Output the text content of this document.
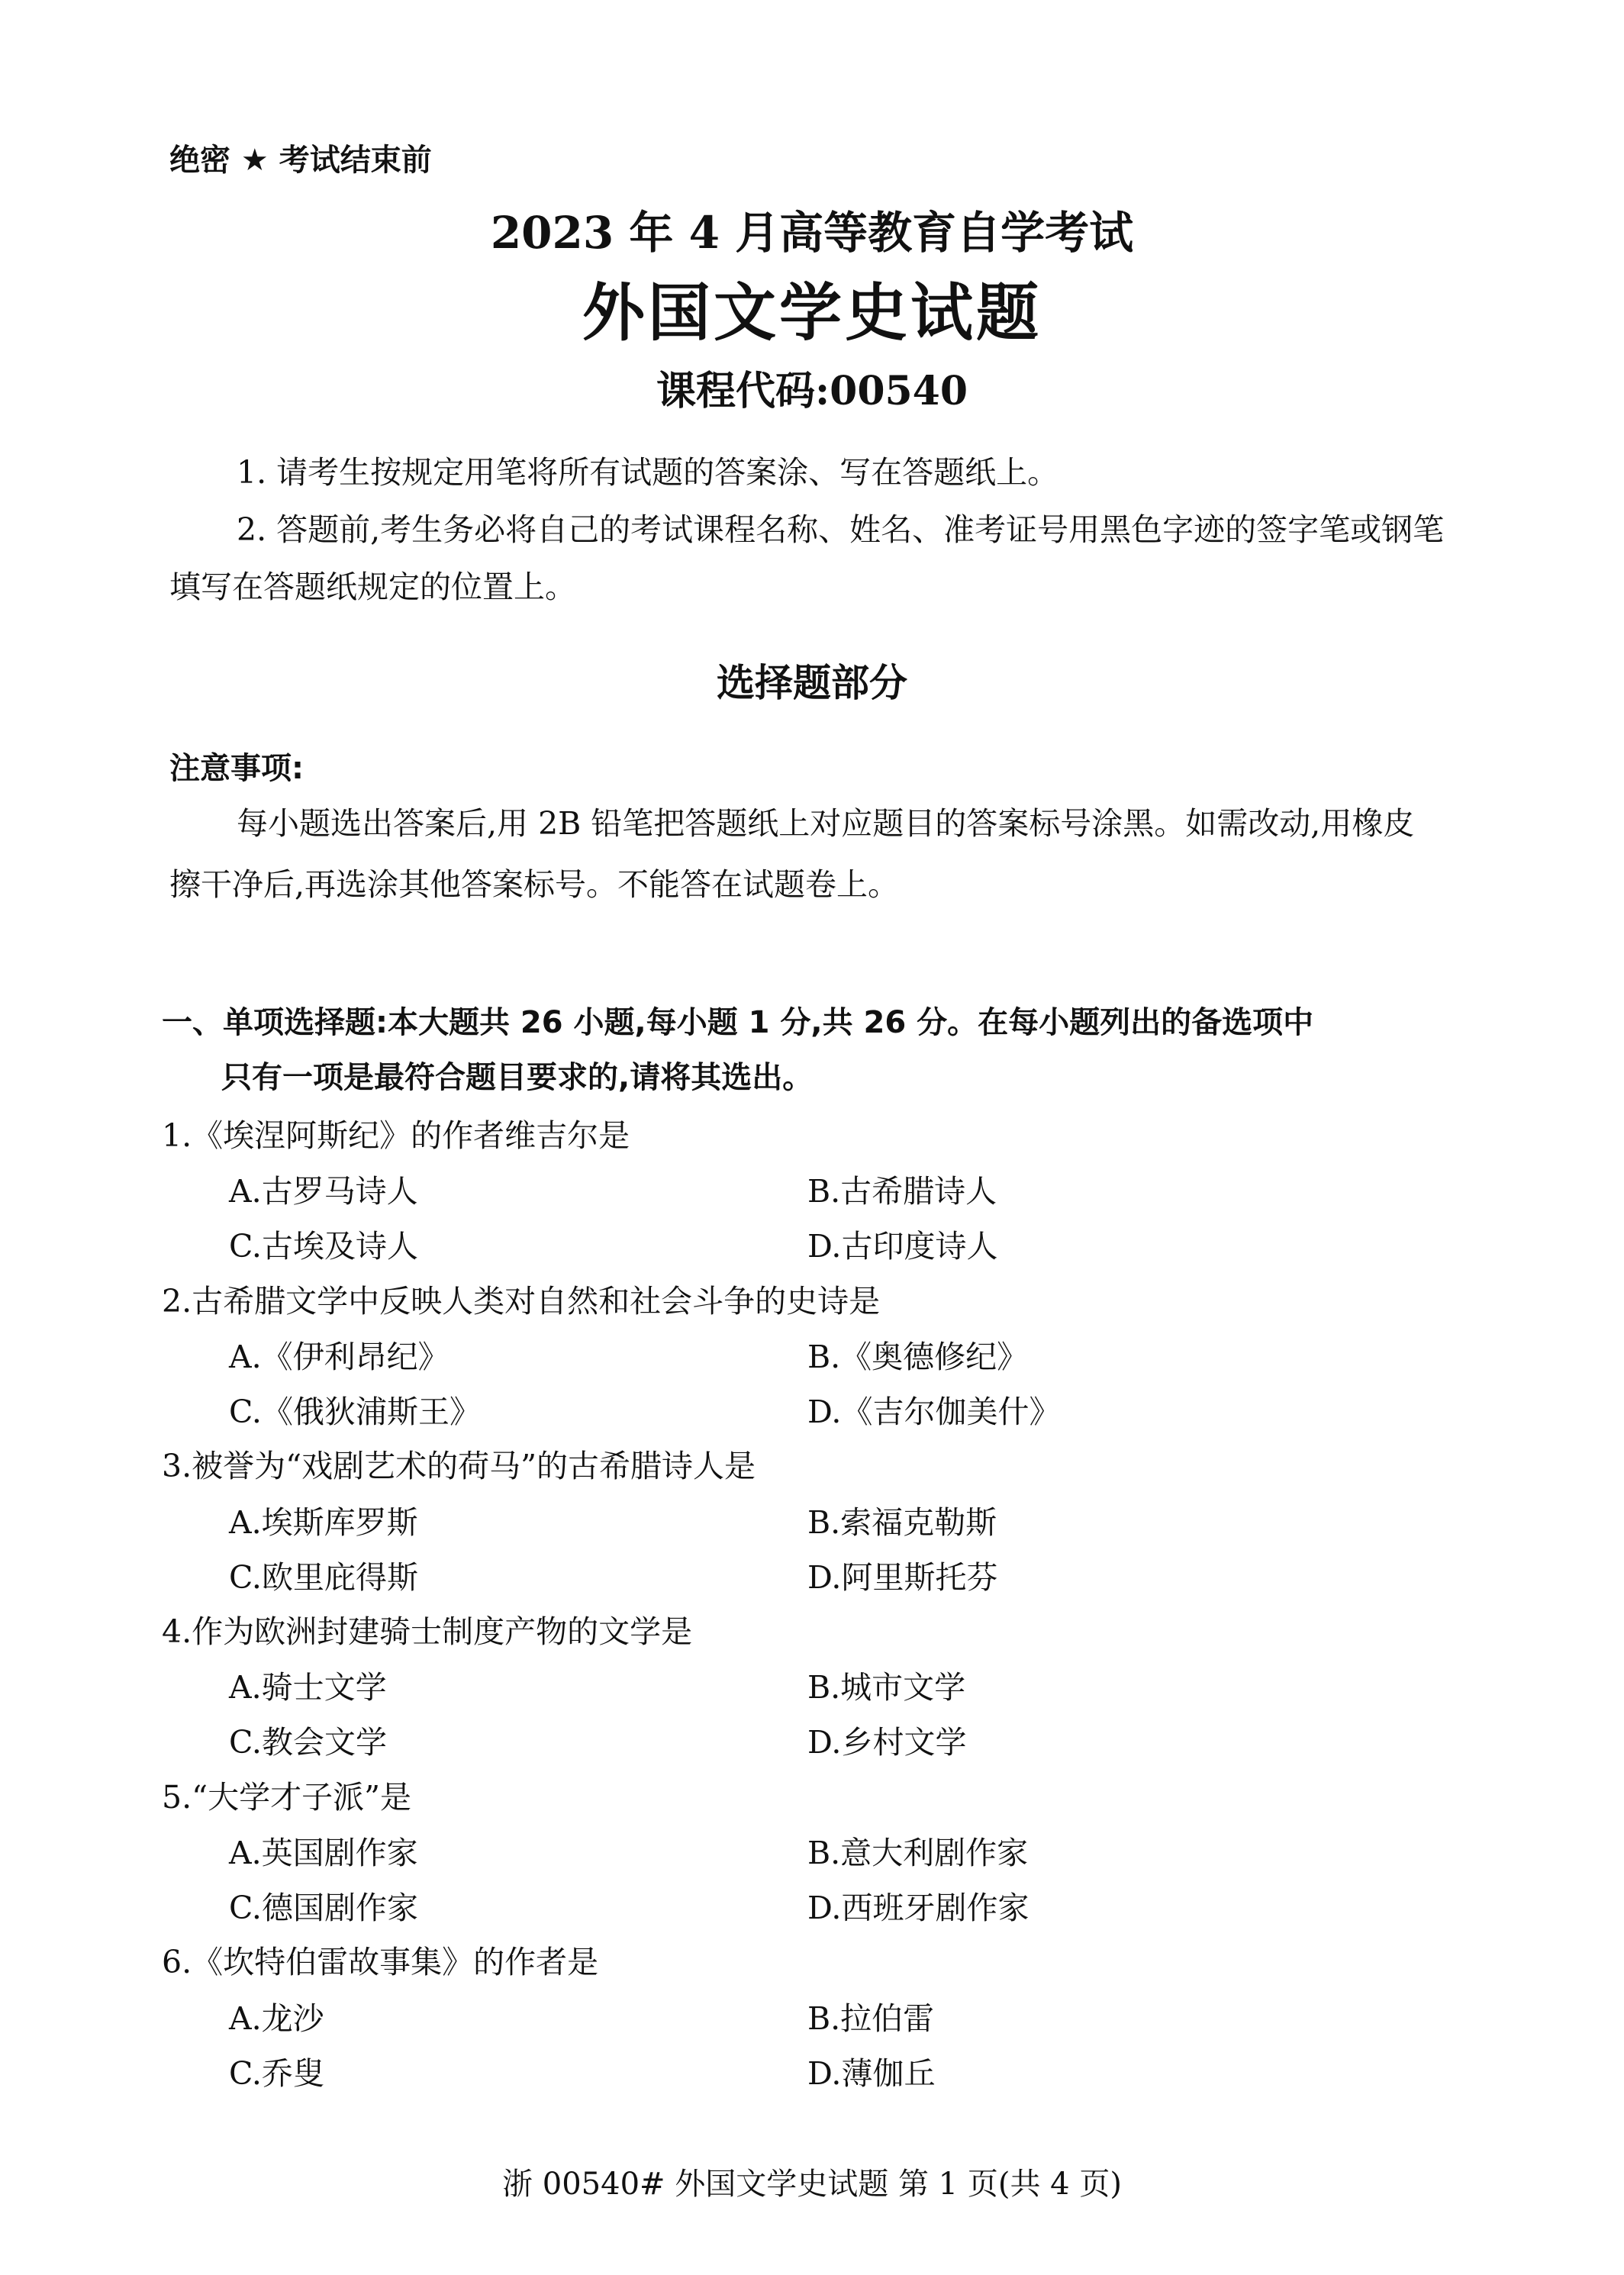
绝密 ★ 考试结束前
2023 年 4 月高等教育自学考试
外国文学史试题
课程代码:00540
1. 请考生按规定用笔将所有试题的答案涂、写在答题纸上。
2. 答题前,考生务必将自己的考试课程名称、姓名、准考证号用黑色字迹的签字笔或钢笔
填写在答题纸规定的位置上。
选择题部分
注意事项:
每小题选出答案后,用 2B 铅笔把答题纸上对应题目的答案标号涂黑。如需改动,用橡皮
擦干净后,再选涂其他答案标号。不能答在试题卷上。
一、单项选择题:本大题共 26 小题,每小题 1 分,共 26 分。在每小题列出的备选项中
只有一项是最符合题目要求的,请将其选出。
1.《埃涅阿斯纪》的作者维吉尔是
A.古罗马诗人	B.古希腊诗人
C.古埃及诗人	D.古印度诗人
2.古希腊文学中反映人类对自然和社会斗争的史诗是
A.《伊利昂纪》	B.《奥德修纪》
C.《俄狄浦斯王》	D.《吉尔伽美什》
3.被誉为“戏剧艺术的荷马”的古希腊诗人是
A.埃斯库罗斯	B.索福克勒斯
C.欧里庇得斯	D.阿里斯托芬
4.作为欧洲封建骑士制度产物的文学是
A.骑士文学	B.城市文学
C.教会文学	D.乡村文学
5.“大学才子派”是
A.英国剧作家	B.意大利剧作家
C.德国剧作家	D.西班牙剧作家
6.《坎特伯雷故事集》的作者是
A.龙沙	B.拉伯雷
C.乔叟	D.薄伽丘
浙 00540# 外国文学史试题 第 1 页(共 4 页)
